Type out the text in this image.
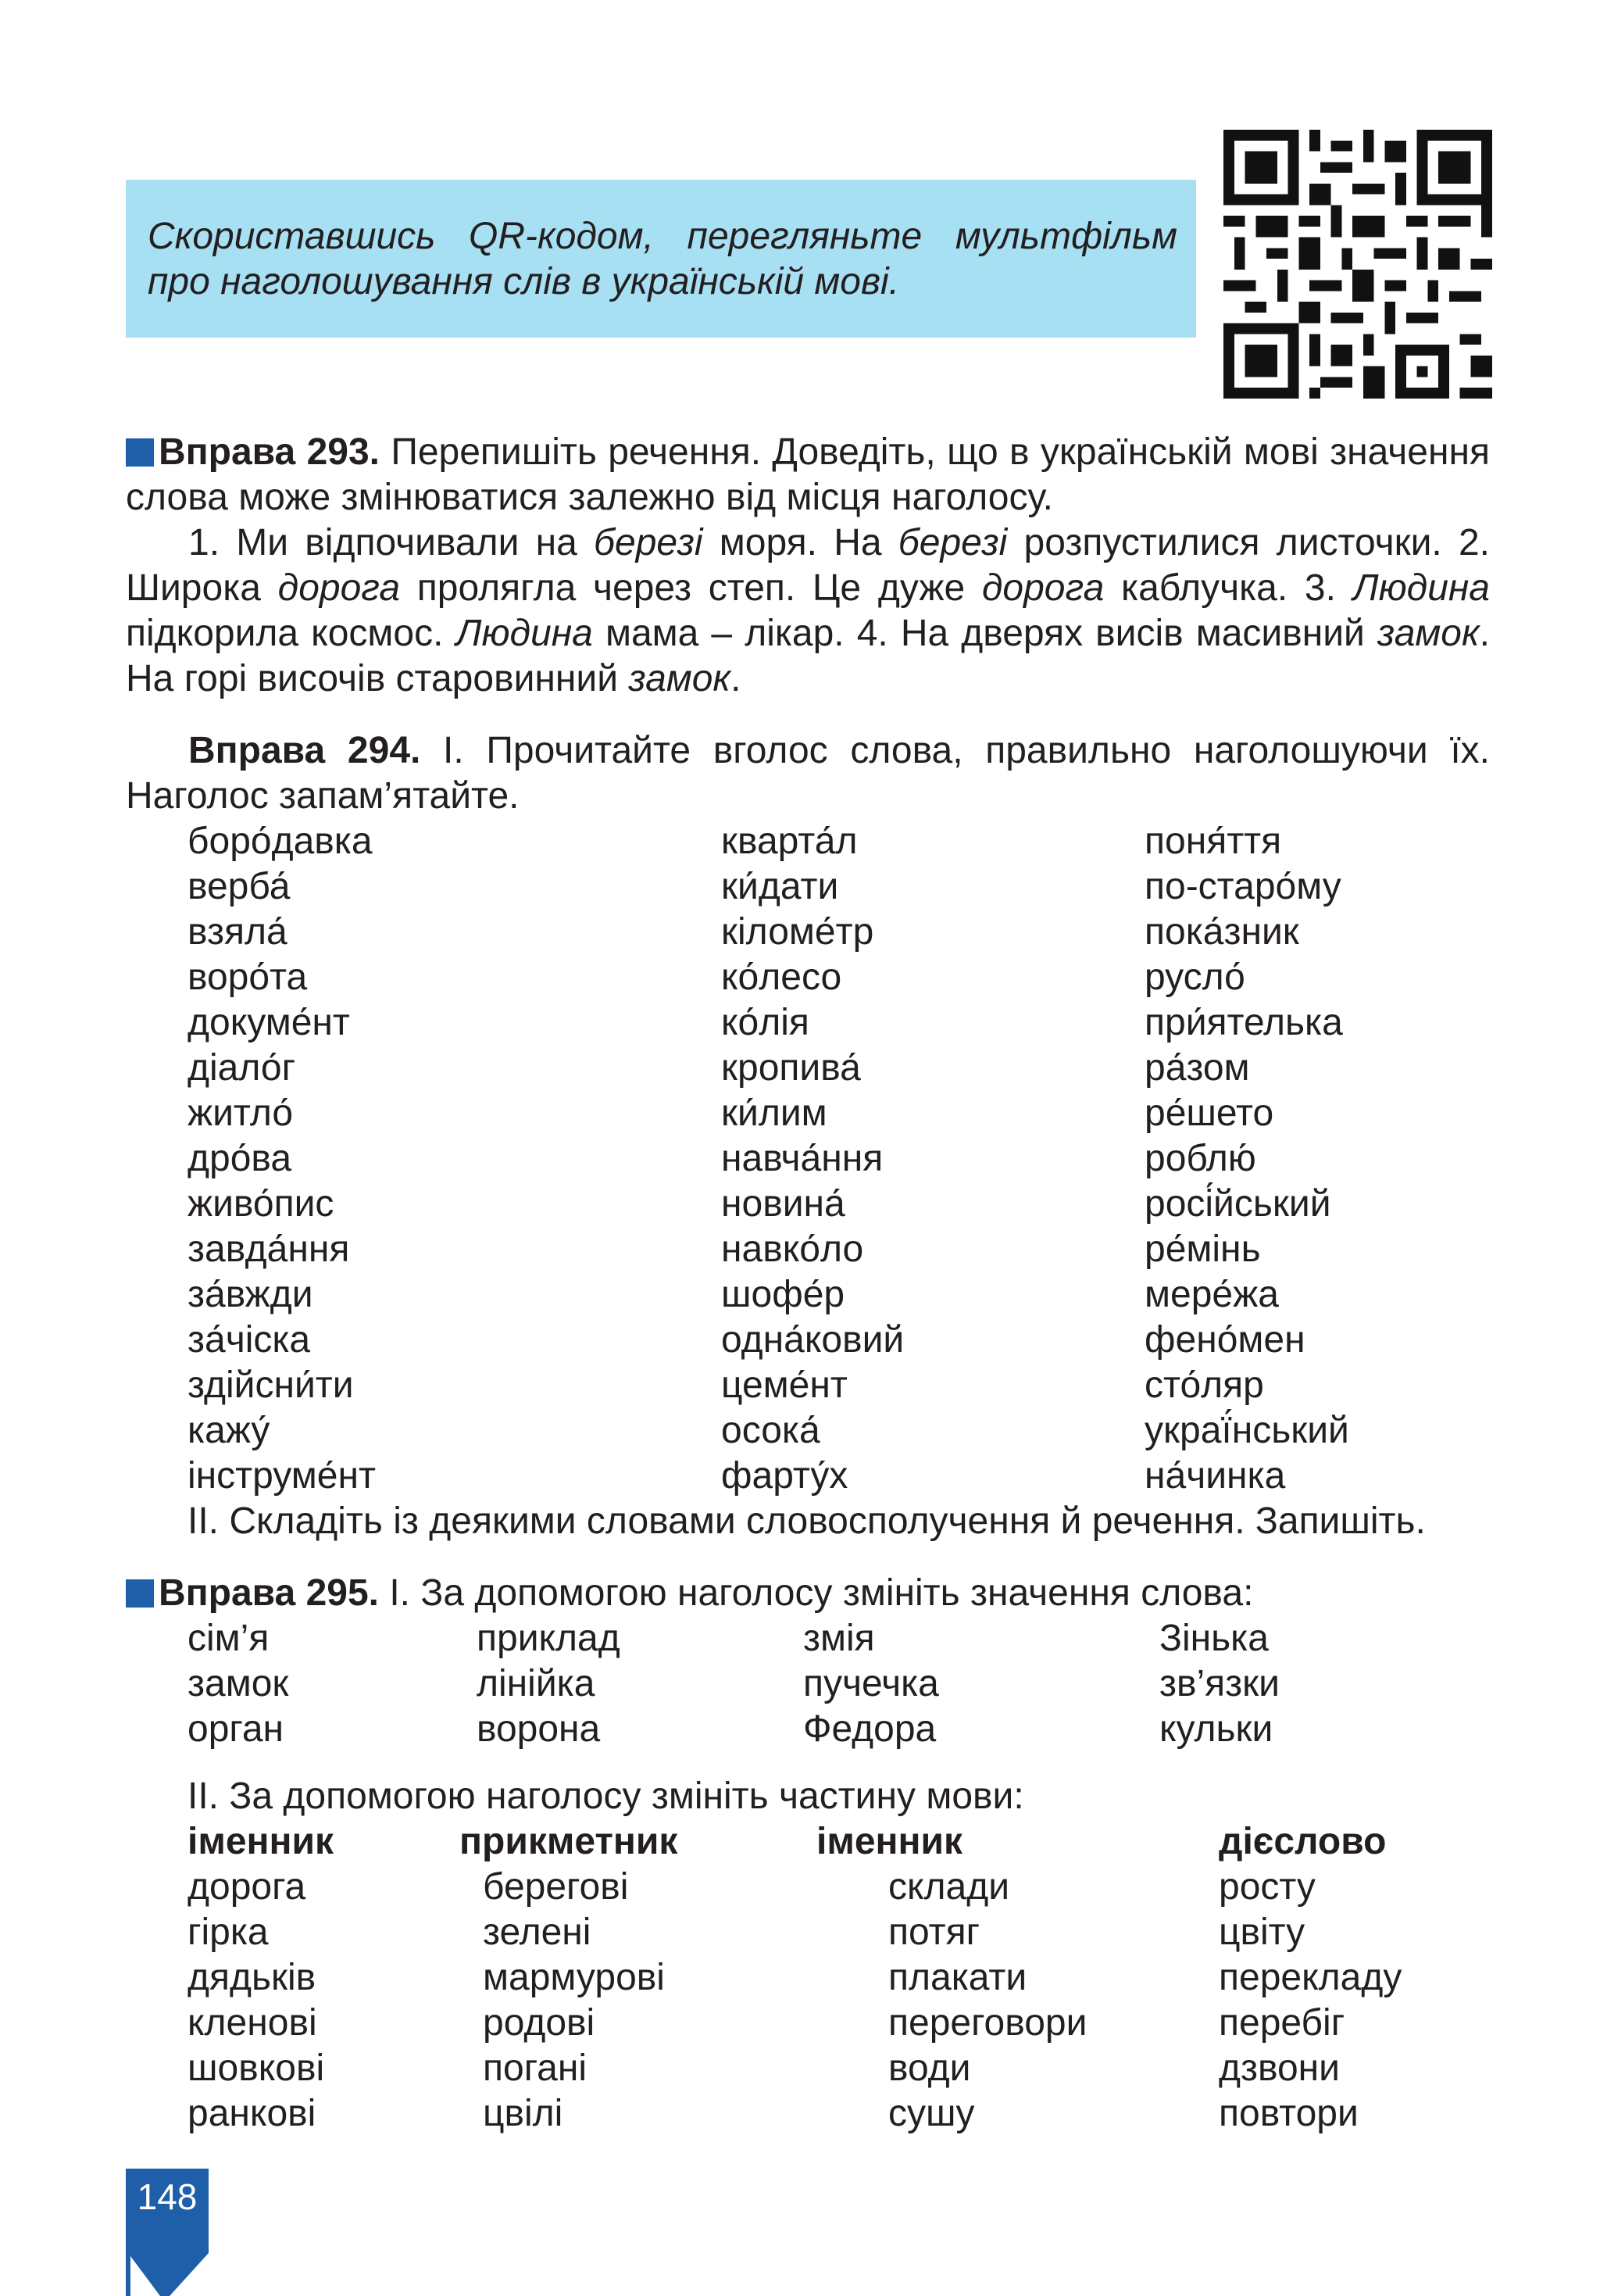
Скориставшись QR-кодом, перегляньте мультфільм про наголошування слів в українській мові.

Вправа 293. Перепишіть речення. Доведіть, що в українській мові значення слова може змінюватися залежно від місця наголосу.

1. Ми відпочивали на березі моря. На березі розпустилися листочки. 2. Широка дорога пролягла через степ. Це дуже дорога каблучка. 3. Людина підкорила космос. Людина мама – лікар. 4. На дверях висів масивний замок. На горі височів старовинний замок.

Вправа 294. І. Прочитайте вголос слова, правильно наголошуючи їх. Наголос запам’ятайте.

боро́давка
верба́
взяла́
воро́та
докуме́нт
діало́г
житло́
дро́ва
живо́пис
завда́ння
за́вжди
за́чіска
здійсни́ти
кажу́
інструме́нт
кварта́л
ки́дати
кіломе́тр
ко́лесо
ко́лія
кропива́
ки́лим
навча́ння
новина́
навко́ло
шофе́р
одна́ковий
цеме́нт
осока́
фарту́х
поня́ття
по-старо́му
пока́зник
русло́
при́ятелька
ра́зом
ре́шето
роблю́
росі́йський
ре́мінь
мере́жа
фено́мен
сто́ляр
украї́нський
на́чинка
ІІ. Складіть із деякими словами словосполучення й речення. Запишіть.
Вправа 295. І. За допомогою наголосу змініть значення слова:
сім’я
замок
орган
приклад
лінійка
ворона
змія
пучечка
Федора
Зінька
зв’язки
кульки
ІІ. За допомогою наголосу змініть частину мови:
іменник
дорога
гірка
дядьків
кленові
шовкові
ранкові
прикметник
берегові
зелені
мармурові
родові
погані
цвілі
іменник
склади
потяг
плакати
переговори
води
сушу
дієслово
росту
цвіту
перекладу
перебіг
дзвони
повтори
148
